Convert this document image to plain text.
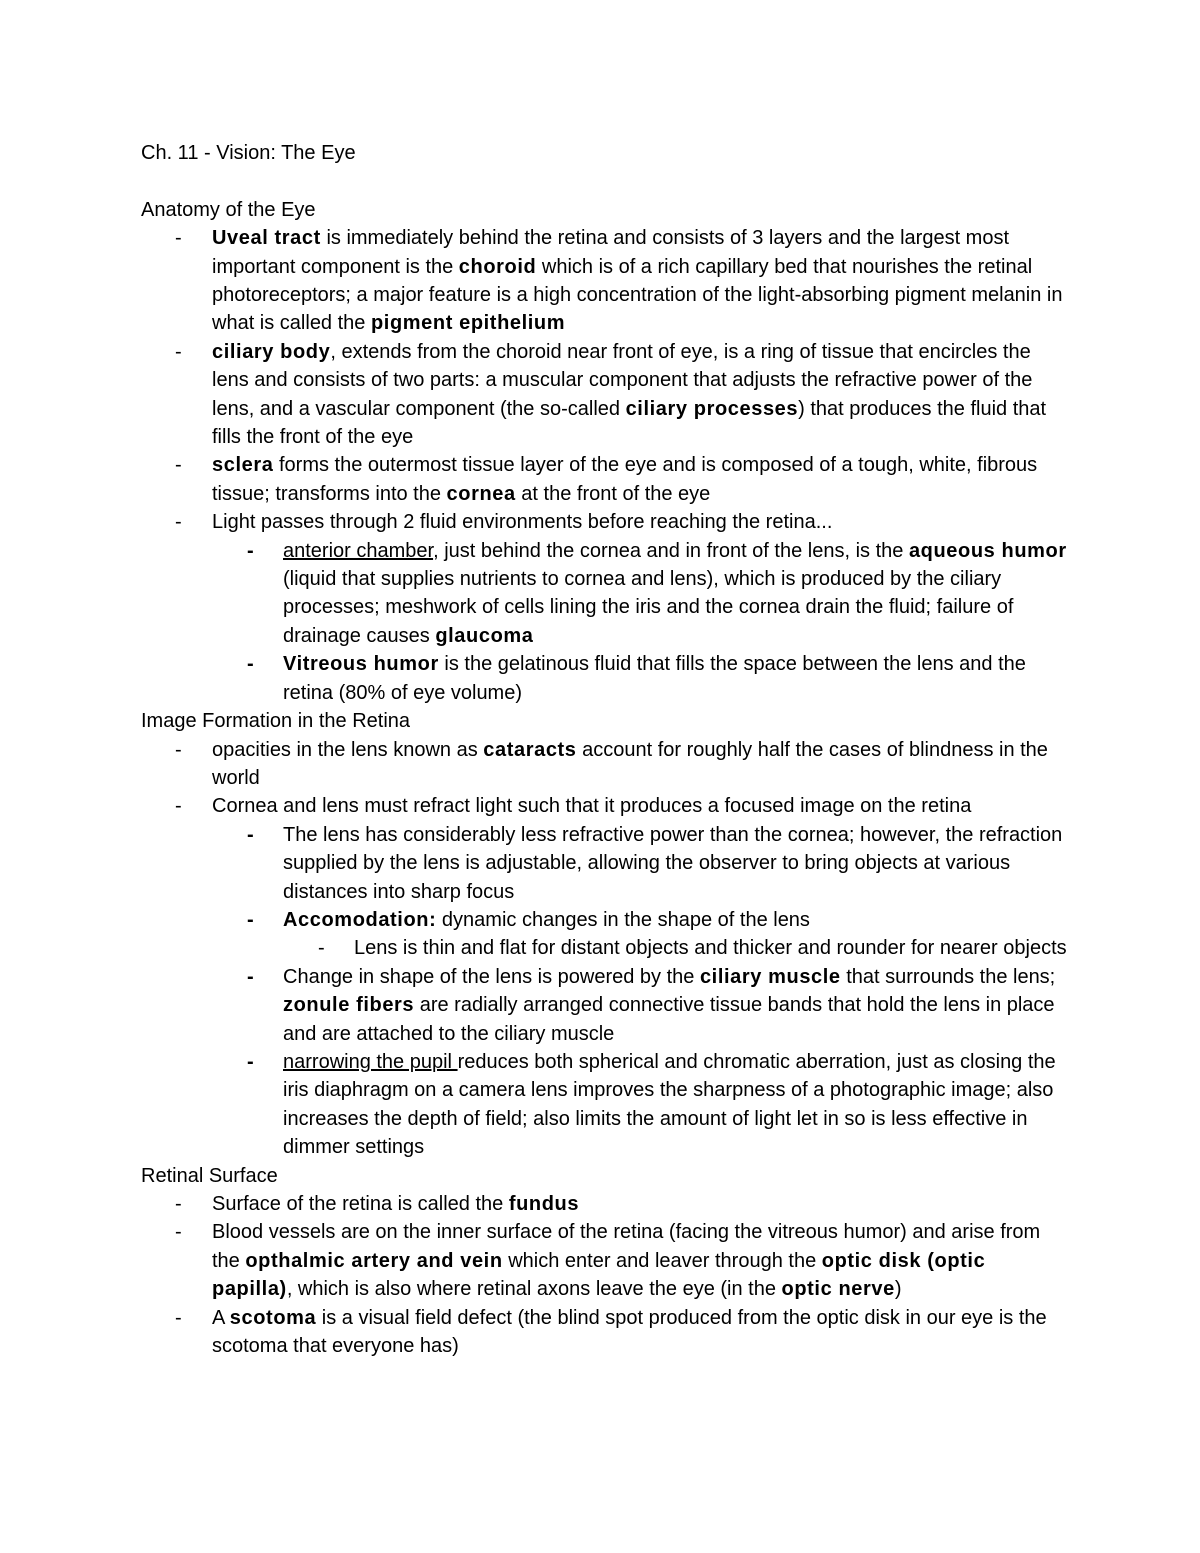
Ch. 11 - Vision: The Eye
Anatomy of the Eye
- Uveal tract is immediately behind the retina and consists of 3 layers and the largest most important component is the choroid which is of a rich capillary bed that nourishes the retinal photoreceptors; a major feature is a high concentration of the light-absorbing pigment melanin in what is called the pigment epithelium
- ciliary body, extends from the choroid near front of eye, is a ring of tissue that encircles the lens and consists of two parts: a muscular component that adjusts the refractive power of the lens, and a vascular component (the so-called ciliary processes) that produces the fluid that fills the front of the eye
- sclera forms the outermost tissue layer of the eye and is composed of a tough, white, fibrous tissue; transforms into the cornea at the front of the eye
- Light passes through 2 fluid environments before reaching the retina...
- anterior chamber, just behind the cornea and in front of the lens, is the aqueous humor (liquid that supplies nutrients to cornea and lens), which is produced by the ciliary processes; meshwork of cells lining the iris and the cornea drain the fluid; failure of drainage causes glaucoma
- Vitreous humor is the gelatinous fluid that fills the space between the lens and the retina (80% of eye volume)
Image Formation in the Retina
- opacities in the lens known as cataracts account for roughly half the cases of blindness in the world
- Cornea and lens must refract light such that it produces a focused image on the retina
- The lens has considerably less refractive power than the cornea; however, the refraction supplied by the lens is adjustable, allowing the observer to bring objects at various distances into sharp focus
- Accomodation: dynamic changes in the shape of the lens
- Lens is thin and flat for distant objects and thicker and rounder for nearer objects
- Change in shape of the lens is powered by the ciliary muscle that surrounds the lens; zonule fibers are radially arranged connective tissue bands that hold the lens in place and are attached to the ciliary muscle
- narrowing the pupil reduces both spherical and chromatic aberration, just as closing the iris diaphragm on a camera lens improves the sharpness of a photographic image; also increases the depth of field; also limits the amount of light let in so is less effective in dimmer settings
Retinal Surface
- Surface of the retina is called the fundus
- Blood vessels are on the inner surface of the retina (facing the vitreous humor) and arise from the opthalmic artery and vein which enter and leaver through the optic disk (optic papilla), which is also where retinal axons leave the eye (in the optic nerve)
- A scotoma is a visual field defect (the blind spot produced from the optic disk in our eye is the scotoma that everyone has)
